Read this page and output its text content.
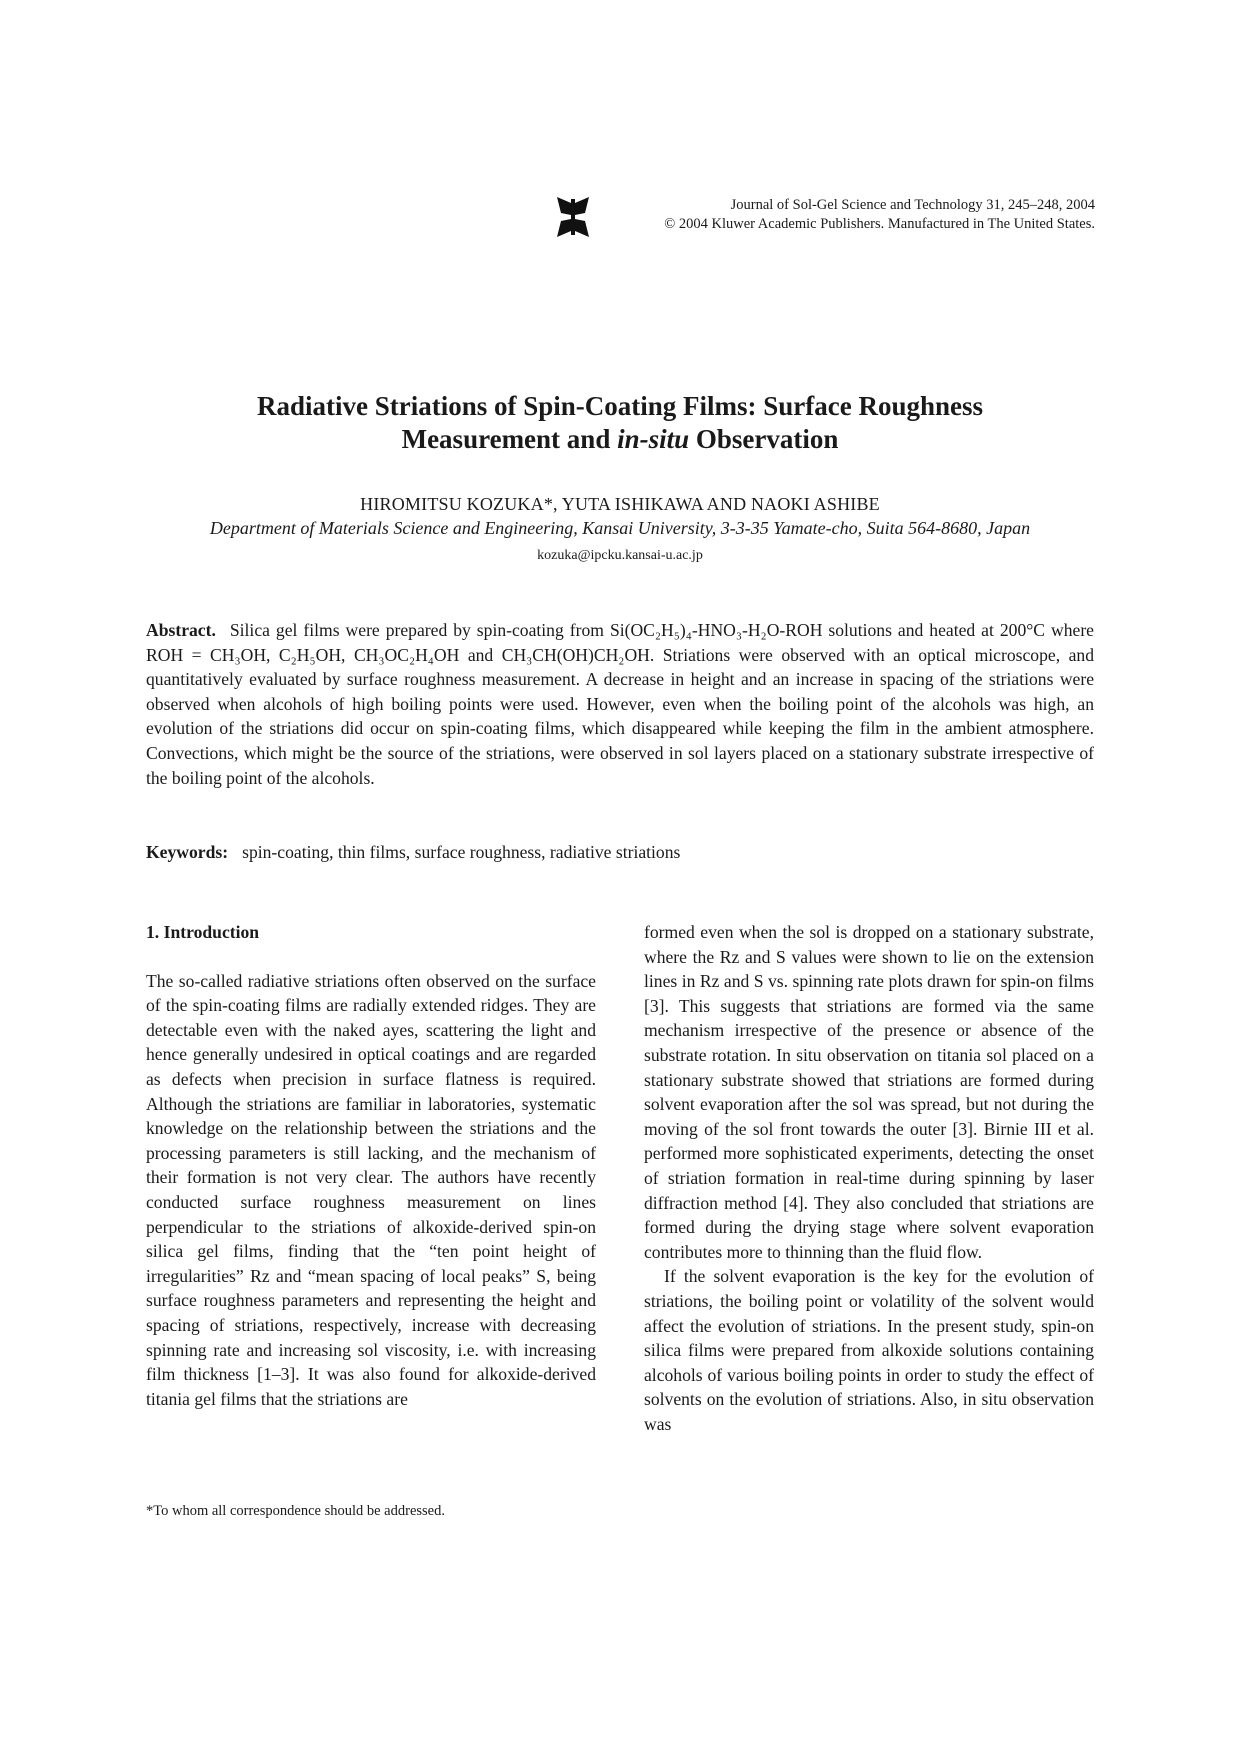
Journal of Sol-Gel Science and Technology 31, 245–248, 2004
© 2004 Kluwer Academic Publishers. Manufactured in The United States.

Radiative Striations of Spin-Coating Films: Surface Roughness

Measurement and in-situ Observation

HIROMITSU KOZUKA*, YUTA ISHIKAWA AND NAOKI ASHIBE
Department of Materials Science and Engineering, Kansai University, 3-3-35 Yamate-cho, Suita 564-8680, Japan
kozuka@ipcku.kansai-u.ac.jp

Abstract. Silica gel films were prepared by spin-coating from Si(OC₂H₅)₄-HNO₃-H₂O-ROH solutions and heated at 200°C where ROH = CH₃OH, C₂H₅OH, CH₃OC₂H₄OH and CH₃CH(OH)CH₂OH. Striations were observed with an optical microscope, and quantitatively evaluated by surface roughness measurement. A decrease in height and an increase in spacing of the striations were observed when alcohols of high boiling points were used. However, even when the boiling point of the alcohols was high, an evolution of the striations did occur on spin-coating films, which disappeared while keeping the film in the ambient atmosphere. Convections, which might be the source of the striations, were observed in sol layers placed on a stationary substrate irrespective of the boiling point of the alcohols.

Keywords: spin-coating, thin films, surface roughness, radiative striations

1. Introduction

The so-called radiative striations often observed on the surface of the spin-coating films are radially extended ridges. They are detectable even with the naked ayes, scattering the light and hence generally undesired in optical coatings and are regarded as defects when precision in surface flatness is required. Although the striations are familiar in laboratories, systematic knowledge on the relationship between the striations and the processing parameters is still lacking, and the mechanism of their formation is not very clear. The authors have recently conducted surface roughness measurement on lines perpendicular to the striations of alkoxide-derived spin-on silica gel films, finding that the “ten point height of irregularities” Rz and “mean spacing of local peaks” S, being surface roughness parameters and representing the height and spacing of striations, respectively, increase with decreasing spinning rate and increasing sol viscosity, i.e. with increasing film thickness [1–3]. It was also found for alkoxide-derived titania gel films that the striations are

formed even when the sol is dropped on a stationary substrate, where the Rz and S values were shown to lie on the extension lines in Rz and S vs. spinning rate plots drawn for spin-on films [3]. This suggests that striations are formed via the same mechanism irrespective of the presence or absence of the substrate rotation. In situ observation on titania sol placed on a stationary substrate showed that striations are formed during solvent evaporation after the sol was spread, but not during the moving of the sol front towards the outer [3]. Birnie III et al. performed more sophisticated experiments, detecting the onset of striation formation in real-time during spinning by laser diffraction method [4]. They also concluded that striations are formed during the drying stage where solvent evaporation contributes more to thinning than the fluid flow.

If the solvent evaporation is the key for the evolution of striations, the boiling point or volatility of the solvent would affect the evolution of striations. In the present study, spin-on silica films were prepared from alkoxide solutions containing alcohols of various boiling points in order to study the effect of solvents on the evolution of striations. Also, in situ observation was

*To whom all correspondence should be addressed.
